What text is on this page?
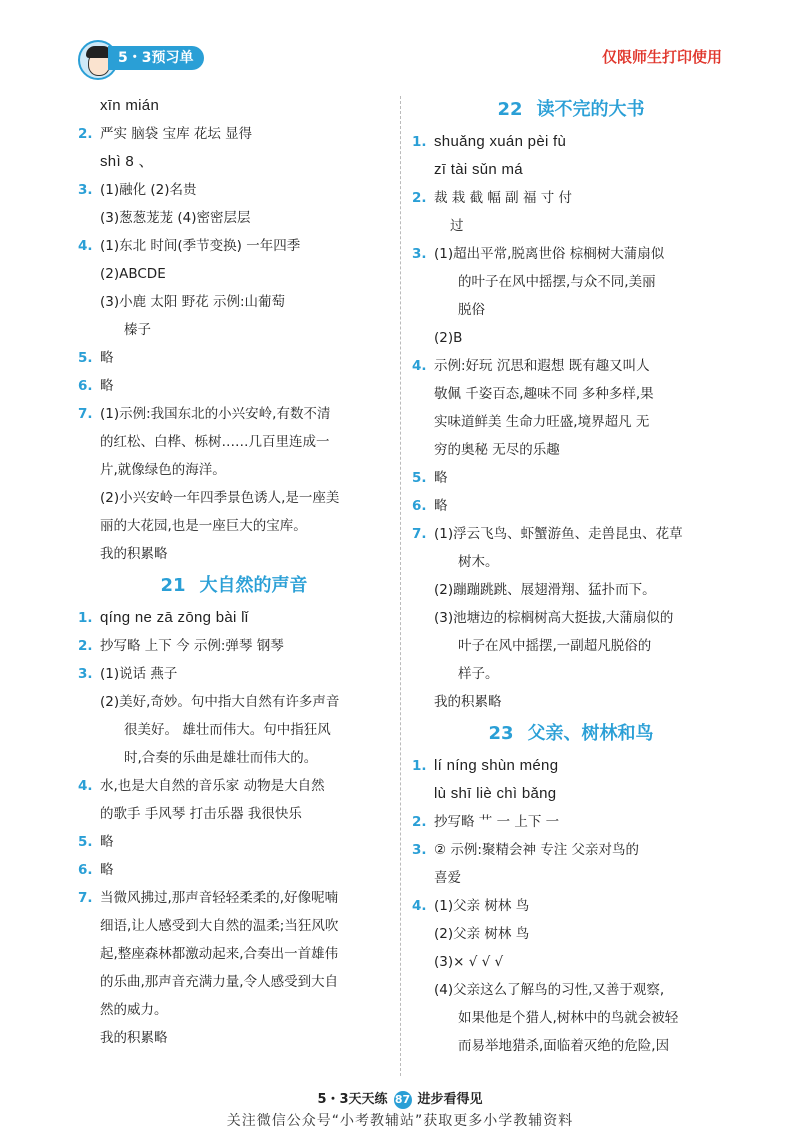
5・3预习单	仅限师生打印使用
xīn mián
2. 严实 脑袋 宝库 花坛 显得
shì 8 、
3. (1)融化 (2)名贵
(3)葱葱茏茏 (4)密密层层
4. (1)东北 时间(季节变换) 一年四季
(2)ABCDE
(3)小鹿 太阳 野花 示例:山葡萄
榛子
5. 略
6. 略
7. (1)示例:我国东北的小兴安岭,有数不清
的红松、白桦、栎树……几百里连成一
片,就像绿色的海洋。
(2)小兴安岭一年四季景色诱人,是一座美
丽的大花园,也是一座巨大的宝库。
我的积累略
21 大自然的声音
1. qíng ne zā zōng bài lǐ
2. 抄写略 上下 今 示例:弹琴 钢琴
3. (1)说话 燕子
(2)美好,奇妙。句中指大自然有许多声音
很美好。 雄壮而伟大。句中指狂风
时,合奏的乐曲是雄壮而伟大的。
4. 水,也是大自然的音乐家 动物是大自然
的歌手 手风琴 打击乐器 我很快乐
5. 略
6. 略
7. 当微风拂过,那声音轻轻柔柔的,好像呢喃
细语,让人感受到大自然的温柔;当狂风吹
起,整座森林都激动起来,合奏出一首雄伟
的乐曲,那声音充满力量,令人感受到大自
然的威力。
我的积累略
22 读不完的大书
1. shuǎng xuán pèi fù
zī tài sǔn má
2. 裁 栽 截 幅 副 福 寸 付
过
3. (1)超出平常,脱离世俗 棕榈树大蒲扇似
的叶子在风中摇摆,与众不同,美丽
脱俗
(2)B
4. 示例:好玩 沉思和遐想 既有趣又叫人
敬佩 千姿百态,趣味不同 多种多样,果
实味道鲜美 生命力旺盛,境界超凡 无
穷的奥秘 无尽的乐趣
5. 略
6. 略
7. (1)浮云飞鸟、虾蟹游鱼、走兽昆虫、花草
树木。
(2)蹦蹦跳跳、展翅滑翔、猛扑而下。
(3)池塘边的棕榈树高大挺拔,大蒲扇似的
叶子在风中摇摆,一副超凡脱俗的
样子。
我的积累略
23 父亲、树林和鸟
1. lí níng shùn méng
lù shī liè chì bǎng
2. 抄写略 艹 一 上下 一
3. ② 示例:聚精会神 专注 父亲对鸟的
喜爱
4. (1)父亲 树林 鸟
(2)父亲 树林 鸟
(3)× √ √ √
(4)父亲这么了解鸟的习性,又善于观察,
如果他是个猎人,树林中的鸟就会被轻
而易举地猎杀,面临着灭绝的危险,因
5・3天天练 87 进步看得见
关注微信公众号“小考教辅站”获取更多小学教辅资料
